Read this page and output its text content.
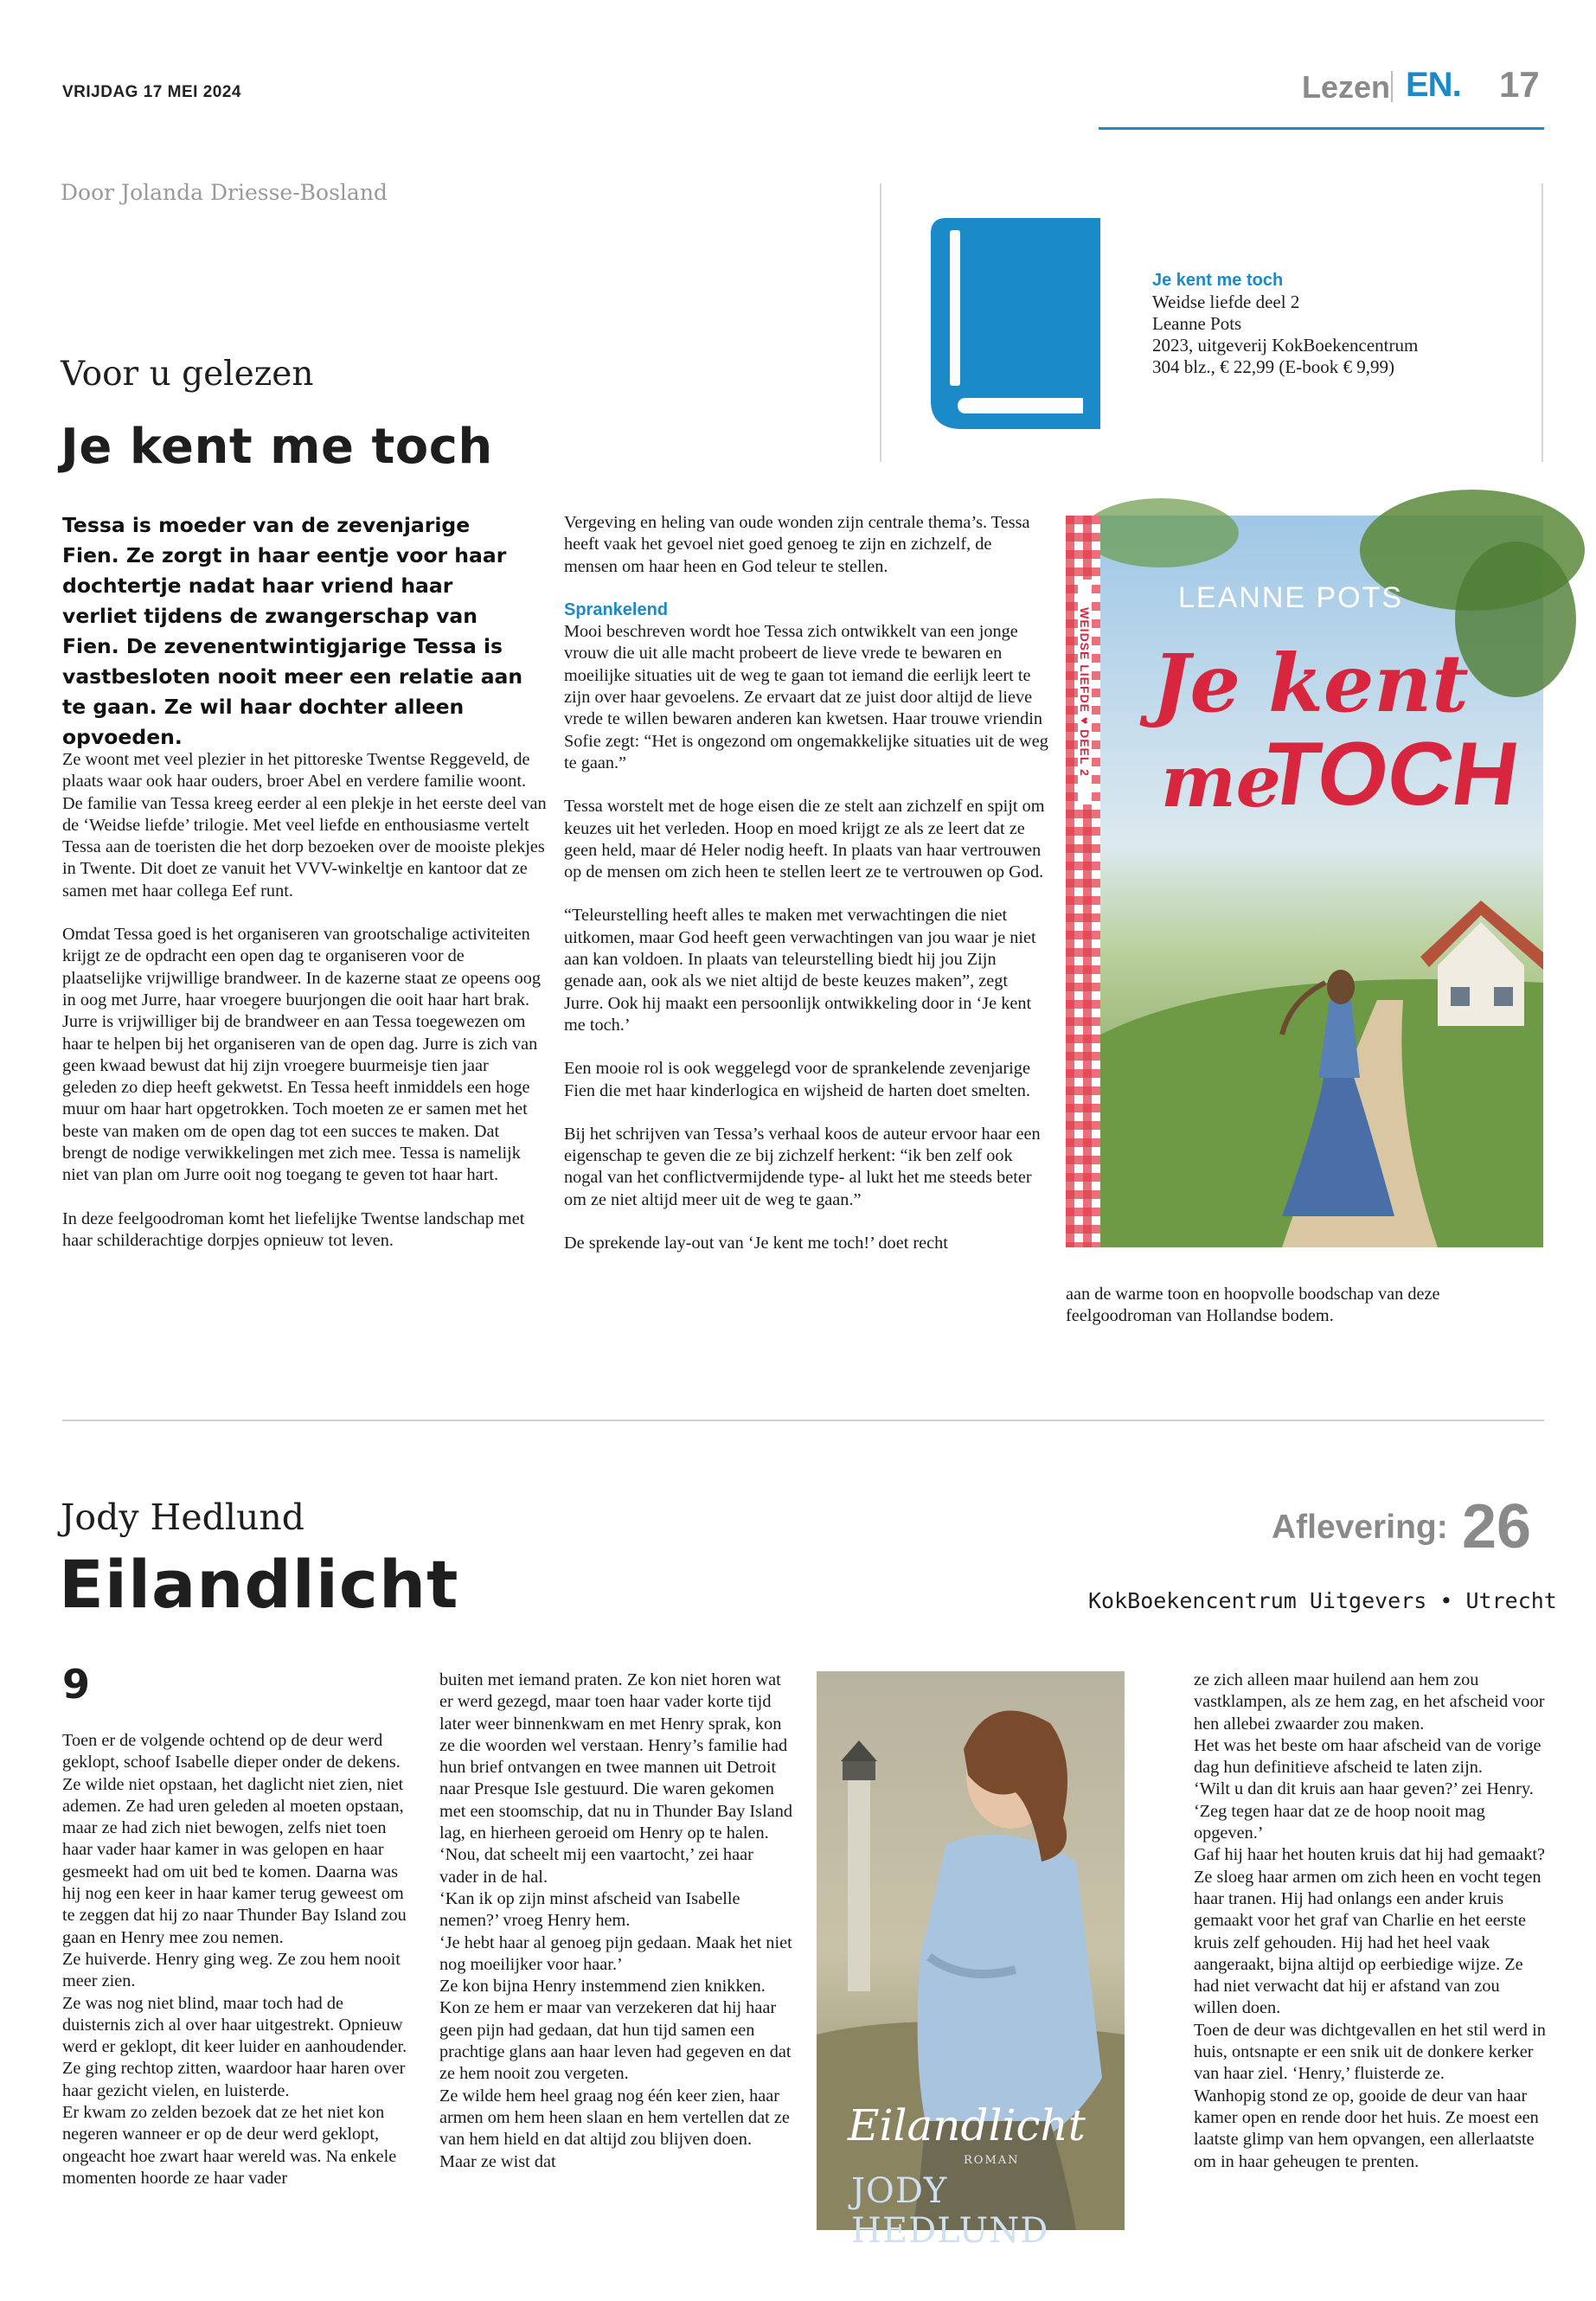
VRIJDAG 17 MEI 2024	Lezen EN. 17
Door Jolanda Driesse-Bosland
Voor u gelezen
Je kent me toch
Je kent me toch
Weidse liefde deel 2
Leanne Pots
2023, uitgeverij KokBoekencentrum
304 blz., € 22,99 (E-book € 9,99)
Tessa is moeder van de zevenjarige Fien. Ze zorgt in haar eentje voor haar dochtertje nadat haar vriend haar verliet tijdens de zwangerschap van Fien. De zevenentwintigjarige Tessa is vastbesloten nooit meer een relatie aan te gaan. Ze wil haar dochter alleen opvoeden.

Ze woont met veel plezier in het pittoreske Twentse Reggeveld, de plaats waar ook haar ouders, broer Abel en verdere familie woont. De familie van Tessa kreeg eerder al een plekje in het eerste deel van de ‘Weidse liefde’ trilogie. Met veel liefde en enthousiasme vertelt Tessa aan de toeristen die het dorp bezoeken over de mooiste plekjes in Twente. Dit doet ze vanuit het VVV-winkeltje en kantoor dat ze samen met haar collega Eef runt.

Omdat Tessa goed is het organiseren van grootschalige activiteiten krijgt ze de opdracht een open dag te organiseren voor de plaatselijke vrijwillige brandweer. In de kazerne staat ze opeens oog in oog met Jurre, haar vroegere buurjongen die ooit haar hart brak. Jurre is vrijwilliger bij de brandweer en aan Tessa toegewezen om haar te helpen bij het organiseren van de open dag. Jurre is zich van geen kwaad bewust dat hij zijn vroegere buurmeisje tien jaar geleden zo diep heeft gekwetst. En Tessa heeft inmiddels een hoge muur om haar hart opgetrokken. Toch moeten ze er samen met het beste van maken om de open dag tot een succes te maken. Dat brengt de nodige verwikkelingen met zich mee. Tessa is namelijk niet van plan om Jurre ooit nog toegang te geven tot haar hart.

In deze feelgoodroman komt het liefelijke Twentse landschap met haar schilderachtige dorpjes opnieuw tot leven.

Vergeving en heling van oude wonden zijn centrale thema’s. Tessa heeft vaak het gevoel niet goed genoeg te zijn en zichzelf, de mensen om haar heen en God teleur te stellen.

Sprankelend

Mooi beschreven wordt hoe Tessa zich ontwikkelt van een jonge vrouw die uit alle macht probeert de lieve vrede te bewaren en moeilijke situaties uit de weg te gaan tot iemand die eerlijk leert te zijn over haar gevoelens. Ze ervaart dat ze juist door altijd de lieve vrede te willen bewaren anderen kan kwetsen. Haar trouwe vriendin Sofie zegt: “Het is ongezond om ongemakkelijke situaties uit de weg te gaan.”

Tessa worstelt met de hoge eisen die ze stelt aan zichzelf en spijt om keuzes uit het verleden. Hoop en moed krijgt ze als ze leert dat ze geen held, maar dé Heler nodig heeft. In plaats van haar vertrouwen op de mensen om zich heen te stellen leert ze te vertrouwen op God.

“Teleurstelling heeft alles te maken met verwachtingen die niet uitkomen, maar God heeft geen verwachtingen van jou waar je niet aan kan voldoen. In plaats van teleurstelling biedt hij jou Zijn genade aan, ook als we niet altijd de beste keuzes maken”, zegt Jurre. Ook hij maakt een persoonlijk ontwikkeling door in ‘Je kent me toch.’

Een mooie rol is ook weggelegd voor de sprankelende zevenjarige Fien die met haar kinderlogica en wijsheid de harten doet smelten.

Bij het schrijven van Tessa’s verhaal koos de auteur ervoor haar een eigenschap te geven die ze bij zichzelf herkent: “ik ben zelf ook nogal van het conflictvermijdende type- al lukt het me steeds beter om ze niet altijd meer uit de weg te gaan.”

De sprekende lay-out van ‘Je kent me toch!’ doet recht

LEANNE POTS
WEIDSE LIEFDE ♥ DEEL 2 Je kent
me
TOCH
aan de warme toon en hoopvolle boodschap van deze feelgoodroman van Hollandse bodem.
Jody Hedlund
Eilandlicht
Aflevering: 26
KokBoekencentrum Uitgevers • Utrecht
9

Toen er de volgende ochtend op de deur werd geklopt, schoof Isabelle dieper onder de dekens. Ze wilde niet opstaan, het daglicht niet zien, niet ademen. Ze had uren geleden al moeten opstaan, maar ze had zich niet bewogen, zelfs niet toen haar vader haar kamer in was gelopen en haar gesmeekt had om uit bed te komen. Daarna was hij nog een keer in haar kamer terug geweest om te zeggen dat hij zo naar Thunder Bay Island zou gaan en Henry mee zou nemen.

Ze huiverde. Henry ging weg. Ze zou hem nooit meer zien.

Ze was nog niet blind, maar toch had de duisternis zich al over haar uitgestrekt. Opnieuw werd er geklopt, dit keer luider en aanhoudender. Ze ging rechtop zitten, waardoor haar haren over haar gezicht vielen, en luisterde.

Er kwam zo zelden bezoek dat ze het niet kon negeren wanneer er op de deur werd geklopt, ongeacht hoe zwart haar wereld was. Na enkele momenten hoorde ze haar vader

buiten met iemand praten. Ze kon niet horen wat er werd gezegd, maar toen haar vader korte tijd later weer binnenkwam en met Henry sprak, kon ze die woorden wel verstaan. Henry’s familie had hun brief ontvangen en twee mannen uit Detroit naar Presque Isle gestuurd. Die waren gekomen met een stoomschip, dat nu in Thunder Bay Island lag, en hierheen geroeid om Henry op te halen.

‘Nou, dat scheelt mij een vaartocht,’ zei haar vader in de hal.

‘Kan ik op zijn minst afscheid van Isabelle nemen?’ vroeg Henry hem.

‘Je hebt haar al genoeg pijn gedaan. Maak het niet nog moeilijker voor haar.’

Ze kon bijna Henry instemmend zien knikken. Kon ze hem er maar van verzekeren dat hij haar geen pijn had gedaan, dat hun tijd samen een prachtige glans aan haar leven had gegeven en dat ze hem nooit zou vergeten.

Ze wilde hem heel graag nog één keer zien, haar armen om hem heen slaan en hem vertellen dat ze van hem hield en dat altijd zou blijven doen. Maar ze wist dat

Eilandlicht
ROMAN
JODY HEDLUND

ze zich alleen maar huilend aan hem zou vastklampen, als ze hem zag, en het afscheid voor hen allebei zwaarder zou maken.

Het was het beste om haar afscheid van de vorige dag hun definitieve afscheid te laten zijn.

‘Wilt u dan dit kruis aan haar geven?’ zei Henry. ‘Zeg tegen haar dat ze de hoop nooit mag opgeven.’

Gaf hij haar het houten kruis dat hij had gemaakt? Ze sloeg haar armen om zich heen en vocht tegen haar tranen. Hij had onlangs een ander kruis gemaakt voor het graf van Charlie en het eerste kruis zelf gehouden. Hij had het heel vaak aangeraakt, bijna altijd op eerbiedige wijze. Ze had niet verwacht dat hij er afstand van zou willen doen.

Toen de deur was dichtgevallen en het stil werd in huis, ontsnapte er een snik uit de donkere kerker van haar ziel. ‘Henry,’ fluisterde ze.

Wanhopig stond ze op, gooide de deur van haar kamer open en rende door het huis. Ze moest een laatste glimp van hem opvangen, een allerlaatste om in haar geheugen te prenten.
